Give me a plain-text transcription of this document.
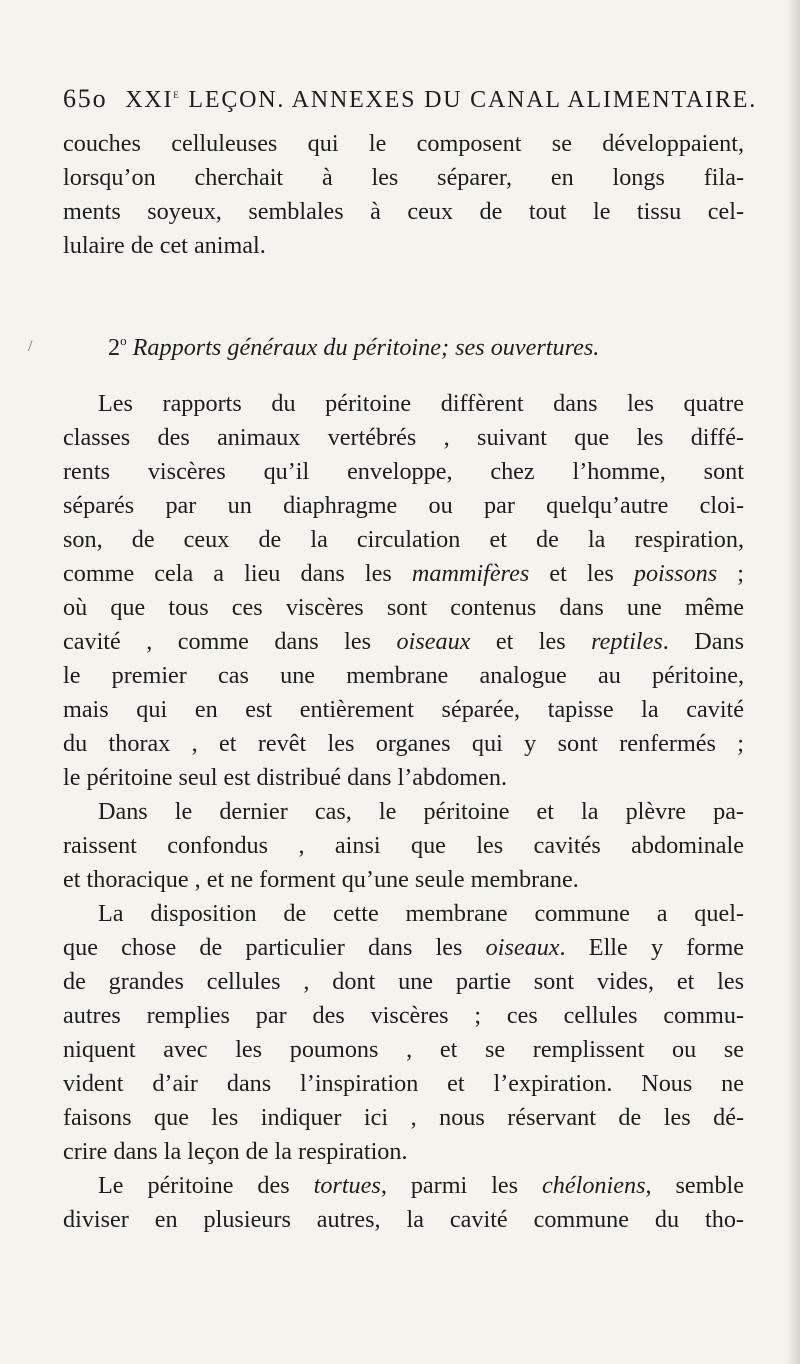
65o XXIe LEÇON. ANNEXES DU CANAL ALIMENTAIRE.
couches celluleuses qui le composent se développaient,
lorsqu’on cherchait à les séparer, en longs fila-
ments soyeux, semblales à ceux de tout le tissu cel-
lulaire de cet animal.
/	2$^o$ Rapports généraux du péritoine; ses ouvertures.
Les rapports du péritoine diffèrent dans les quatre
classes des animaux vertébrés , suivant que les diffé-
rents viscères qu’il enveloppe, chez l’homme, sont
séparés par un diaphragme ou par quelqu’autre cloi-
son, de ceux de la circulation et de la respiration,
comme cela a lieu dans les mammifères et les poissons ;
où que tous ces viscères sont contenus dans une même
cavité , comme dans les oiseaux et les reptiles. Dans
le premier cas une membrane analogue au péritoine,
mais qui en est entièrement séparée, tapisse la cavité
du thorax , et revêt les organes qui y sont renfermés ;
le péritoine seul est distribué dans l’abdomen.
Dans le dernier cas, le péritoine et la plèvre pa-
raissent confondus , ainsi que les cavités abdominale
et thoracique , et ne forment qu’une seule membrane.
La disposition de cette membrane commune a quel-
que chose de particulier dans les oiseaux. Elle y forme
de grandes cellules , dont une partie sont vides, et les
autres remplies par des viscères ; ces cellules commu-
niquent avec les poumons , et se remplissent ou se
vident d’air dans l’inspiration et l’expiration. Nous ne
faisons que les indiquer ici , nous réservant de les dé-
crire dans la leçon de la respiration.
Le péritoine des tortues, parmi les chéloniens, semble
diviser en plusieurs autres, la cavité commune du tho-
